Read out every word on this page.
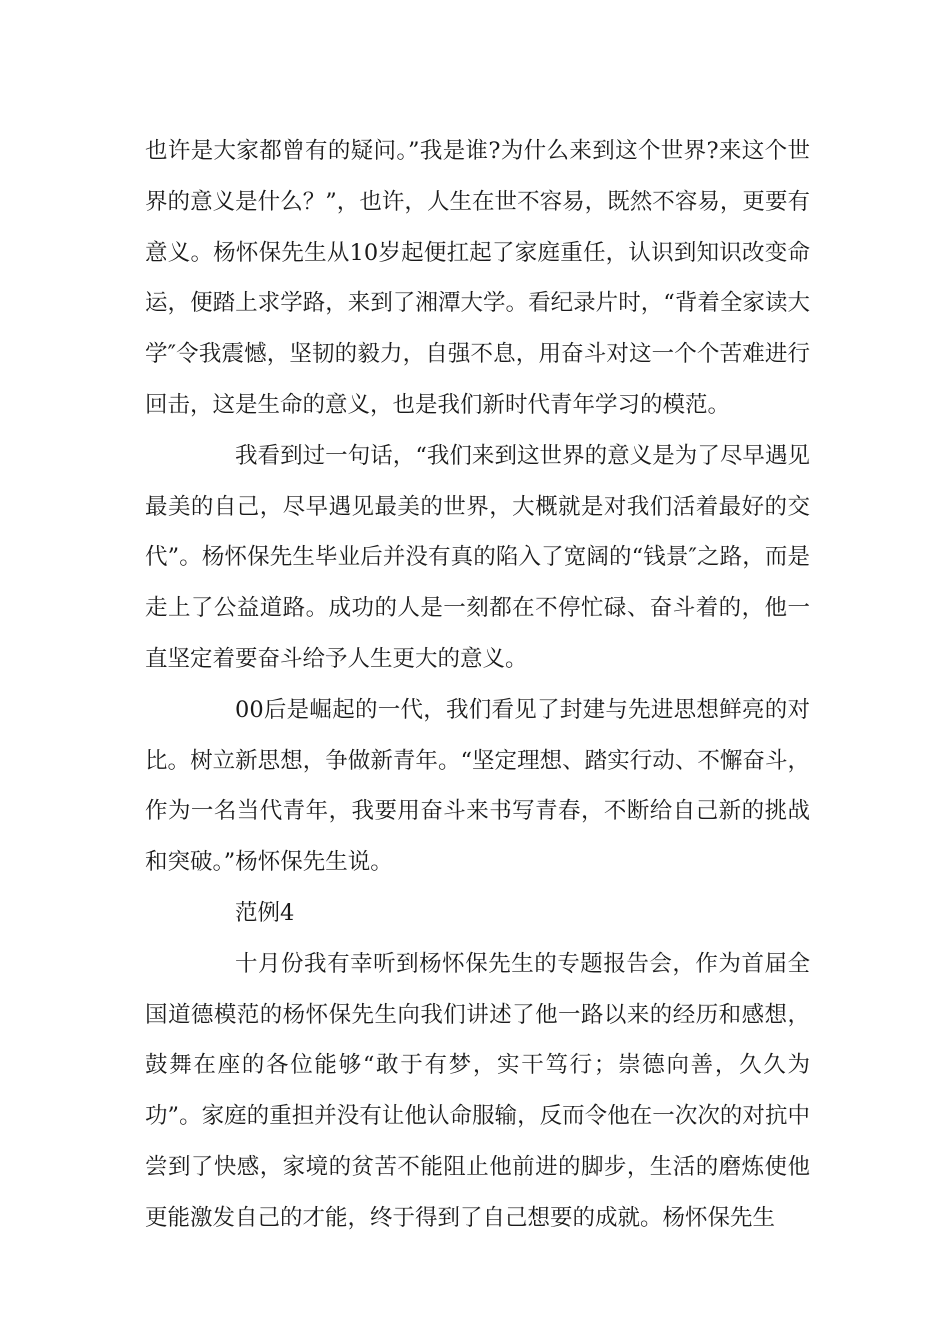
也许是大家都曾有的疑问。”我是谁?为什么来到这个世界?来这个世界的意义是什么？”，也许，人生在世不容易，既然不容易，更要有意义。杨怀保先生从10岁起便扛起了家庭重任，认识到知识改变命运，便踏上求学路，来到了湘潭大学。看纪录片时，“背着全家读大学″令我震憾，坚韧的毅力，自强不息，用奋斗对这一个个苦难进行回击，这是生命的意义，也是我们新时代青年学习的模范。

我看到过一句话，“我们来到这世界的意义是为了尽早遇见最美的自己，尽早遇见最美的世界，大概就是对我们活着最好的交代”。杨怀保先生毕业后并没有真的陷入了宽阔的“钱景″之路，而是走上了公益道路。成功的人是一刻都在不停忙碌、奋斗着的，他一直坚定着要奋斗给予人生更大的意义。

00后是崛起的一代，我们看见了封建与先进思想鲜亮的对比。树立新思想，争做新青年。“坚定理想、踏实行动、不懈奋斗，作为一名当代青年，我要用奋斗来书写青春，不断给自己新的挑战和突破。”杨怀保先生说。

范例4

十月份我有幸听到杨怀保先生的专题报告会，作为首届全国道德模范的杨怀保先生向我们讲述了他一路以来的经历和感想，鼓舞在座的各位能够“敢于有梦，实干笃行；崇德向善，久久为功”。家庭的重担并没有让他认命服输，反而令他在一次次的对抗中尝到了快感，家境的贫苦不能阻止他前进的脚步，生活的磨炼使他更能激发自己的才能，终于得到了自己想要的成就。杨怀保先生
